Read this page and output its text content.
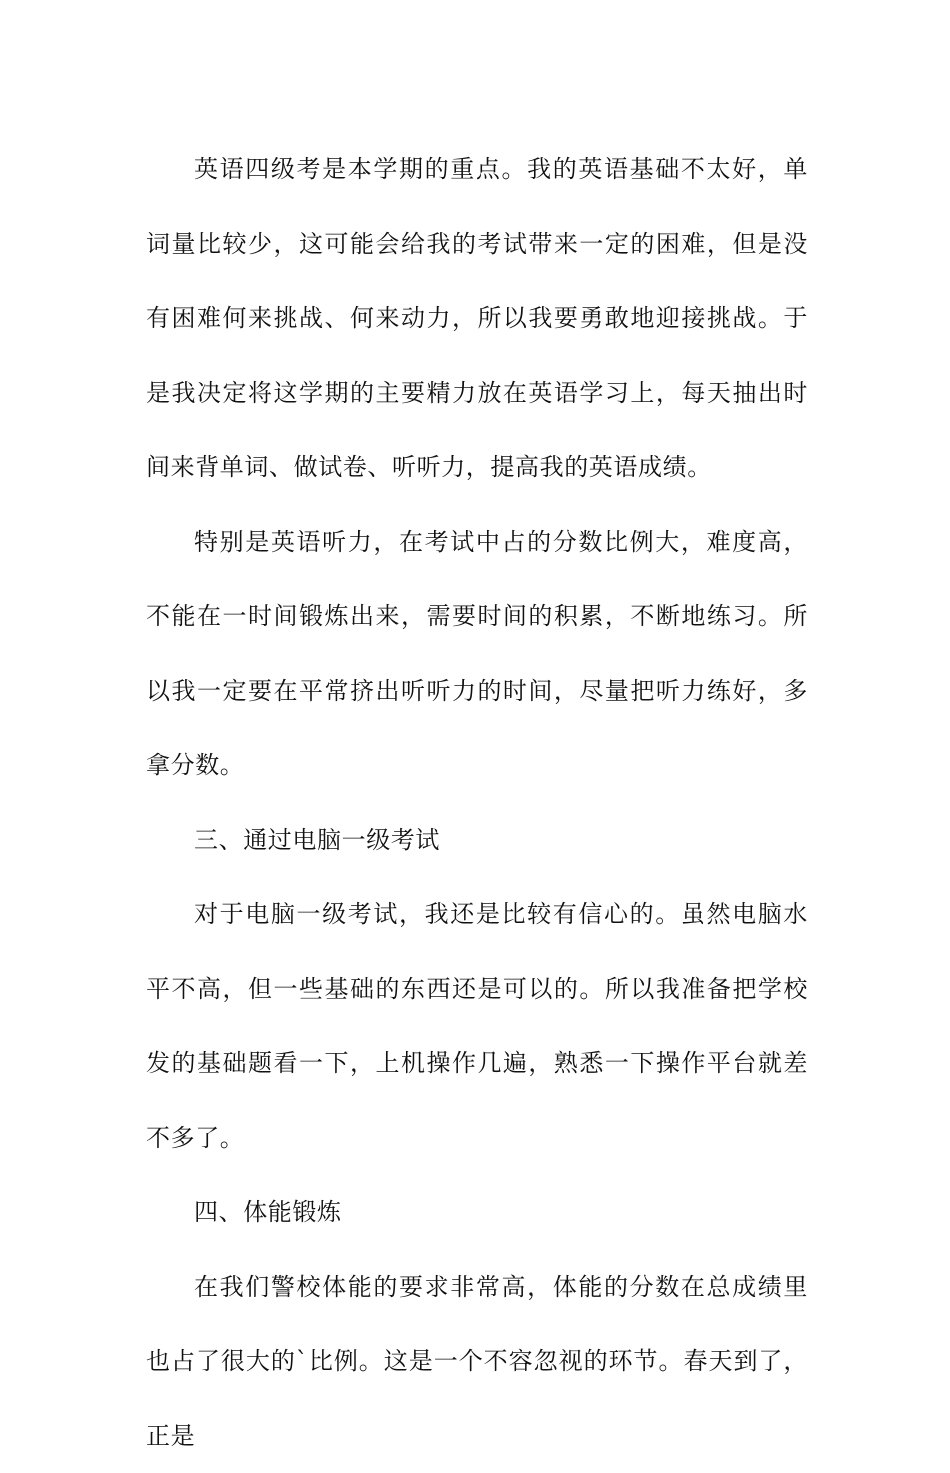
英语四级考是本学期的重点。我的英语基础不太好，单词量比较少，这可能会给我的考试带来一定的困难，但是没有困难何来挑战、何来动力，所以我要勇敢地迎接挑战。于是我决定将这学期的主要精力放在英语学习上，每天抽出时间来背单词、做试卷、听听力，提高我的英语成绩。

特别是英语听力，在考试中占的分数比例大，难度高，不能在一时间锻炼出来，需要时间的积累，不断地练习。所以我一定要在平常挤出听听力的时间，尽量把听力练好，多拿分数。

三、通过电脑一级考试

对于电脑一级考试，我还是比较有信心的。虽然电脑水平不高，但一些基础的东西还是可以的。所以我准备把学校发的基础题看一下，上机操作几遍，熟悉一下操作平台就差不多了。

四、体能锻炼

在我们警校体能的要求非常高，体能的分数在总成绩里也占了很大的`比例。这是一个不容忽视的环节。春天到了，正是
